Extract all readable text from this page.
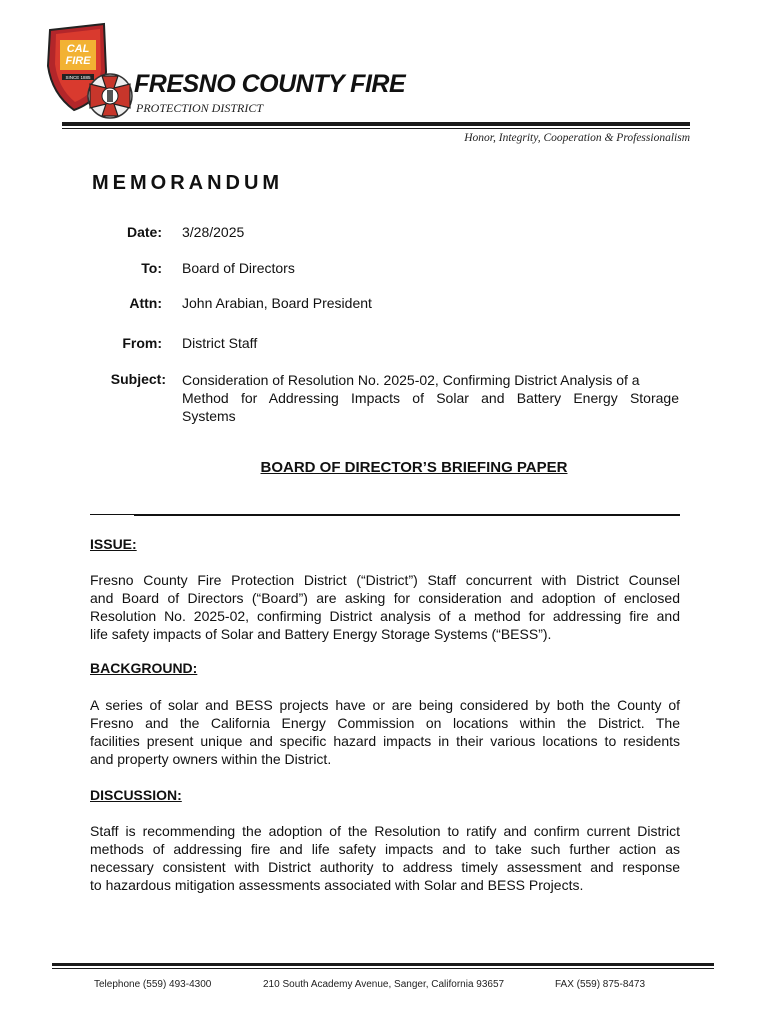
CAL
FIRE
SINCE 1885 FRESNO COUNTY FIRE
PROTECTION DISTRICT
Honor, Integrity, Cooperation & Professionalism
MEMORANDUM
Date: 3/28/2025
To: Board of Directors
Attn: John Arabian, Board President
From: District Staff
Subject: Consideration of Resolution No. 2025-02, Confirming District Analysis of a
Method for Addressing Impacts of Solar and Battery Energy Storage
Systems
BOARD OF DIRECTOR’S BRIEFING PAPER
ISSUE:
Fresno County Fire Protection District (“District”) Staff concurrent with District Counsel
and Board of Directors (“Board”) are asking for consideration and adoption of enclosed
Resolution No. 2025-02, confirming District analysis of a method for addressing fire and
life safety impacts of Solar and Battery Energy Storage Systems (“BESS”).
BACKGROUND:
A series of solar and BESS projects have or are being considered by both the County of
Fresno and the California Energy Commission on locations within the District. The
facilities present unique and specific hazard impacts in their various locations to residents
and property owners within the District.
DISCUSSION:
Staff is recommending the adoption of the Resolution to ratify and confirm current District
methods of addressing fire and life safety impacts and to take such further action as
necessary consistent with District authority to address timely assessment and response
to hazardous mitigation assessments associated with Solar and BESS Projects.
Telephone (559) 493-4300	210 South Academy Avenue, Sanger, California 93657	FAX (559) 875-8473
